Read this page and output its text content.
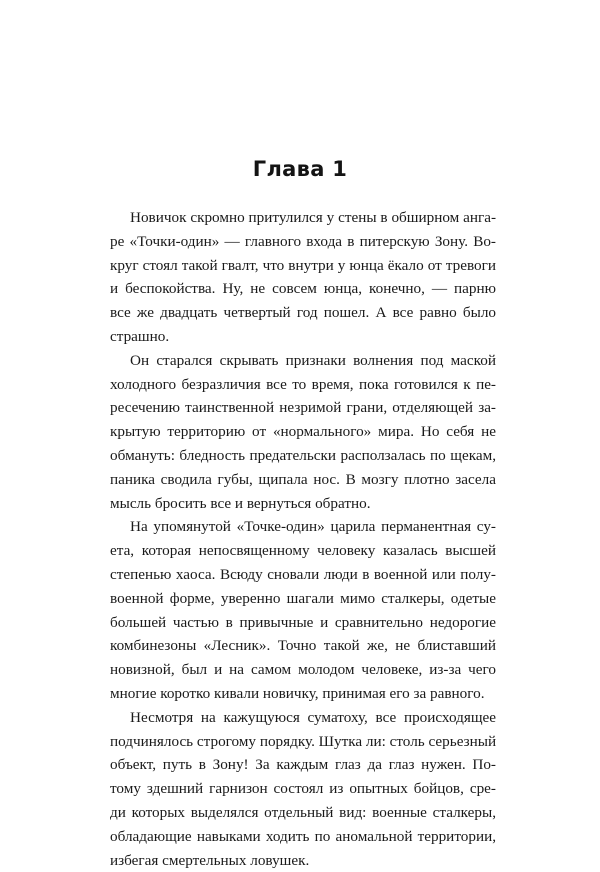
Глава 1

Новичок скромно притулился у стены в обширном анга-
ре «Точки-один» — главного входа в питерскую Зону. Во-
круг стоял такой гвалт, что внутри у юнца ёкало от тревоги
и беспокойства. Ну, не совсем юнца, конечно, — парню
все же двадцать четвертый год пошел. А все равно было
страшно.

Он старался скрывать признаки волнения под маской
холодного безразличия все то время, пока готовился к пе-
ресечению таинственной незримой грани, отделяющей за-
крытую территорию от «нормального» мира. Но себя не
обмануть: бледность предательски расползалась по щекам,
паника сводила губы, щипала нос. В мозгу плотно засела
мысль бросить все и вернуться обратно.

На упомянутой «Точке-один» царила перманентная су-
ета, которая непосвященному человеку казалась высшей
степенью хаоса. Всюду сновали люди в военной или полу-
военной форме, уверенно шагали мимо сталкеры, одетые
большей частью в привычные и сравнительно недорогие
комбинезоны «Лесник». Точно такой же, не блиставший
новизной, был и на самом молодом человеке, из-за чего
многие коротко кивали новичку, принимая его за равного.

Несмотря на кажущуюся суматоху, все происходящее
подчинялось строгому порядку. Шутка ли: столь серьезный
объект, путь в Зону! За каждым глаз да глаз нужен. По-
тому здешний гарнизон состоял из опытных бойцов, сре-
ди которых выделялся отдельный вид: военные сталкеры,
обладающие навыками ходить по аномальной территории,
избегая смертельных ловушек.
